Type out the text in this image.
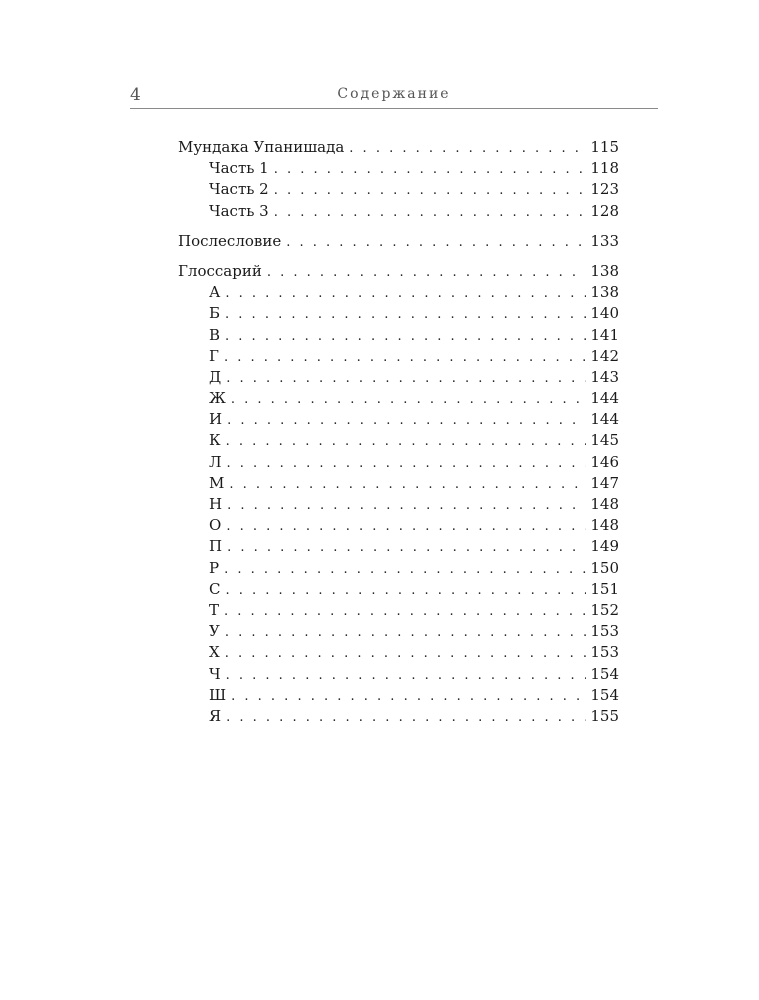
4	Содержание
Мундака Упанишада . . .	115
Часть 1 . . .	118
Часть 2 . . .	123
Часть 3 . . .	128
Послесловие . . .	133
Глоссарий . . .	138
А . . .	138
Б . . .	140
В . . .	141
Г . . .	142
Д . . .	143
Ж . . .	144
И . . .	144
К . . .	145
Л . . .	146
М . . .	147
Н . . .	148
О . . .	148
П . . .	149
Р . . .	150
С . . .	151
Т . . .	152
У . . .	153
Х . . .	153
Ч . . .	154
Ш . . .	154
Я . . .	155
